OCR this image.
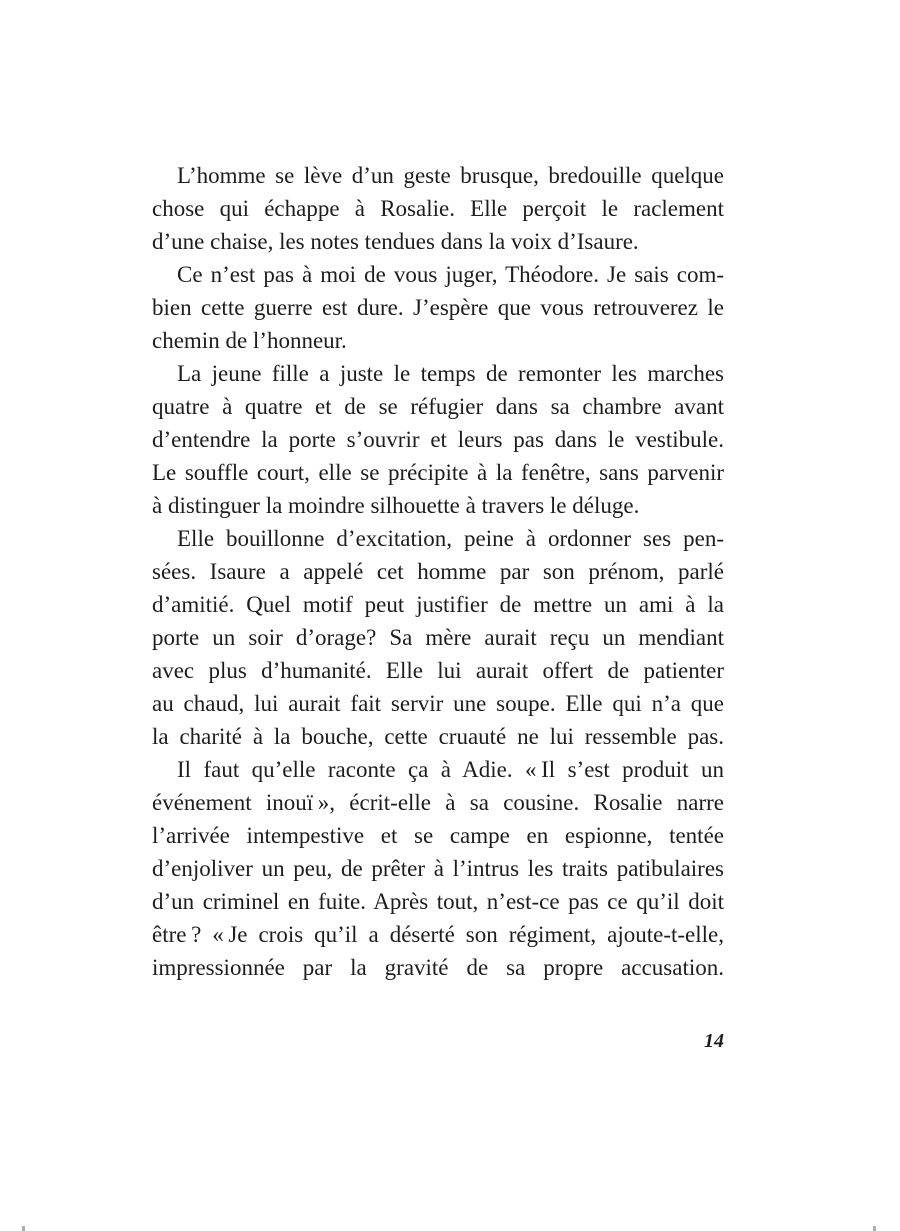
L’homme se lève d’un geste brusque, bredouille quelque
chose qui échappe à Rosalie. Elle perçoit le raclement
d’une chaise, les notes tendues dans la voix d’Isaure.

Ce n’est pas à moi de vous juger, Théodore. Je sais com-
bien cette guerre est dure. J’espère que vous retrouverez le
chemin de l’honneur.

La jeune fille a juste le temps de remonter les marches
quatre à quatre et de se réfugier dans sa chambre avant
d’entendre la porte s’ouvrir et leurs pas dans le vestibule.
Le souffle court, elle se précipite à la fenêtre, sans parvenir
à distinguer la moindre silhouette à travers le déluge.

Elle bouillonne d’excitation, peine à ordonner ses pen-
sées. Isaure a appelé cet homme par son prénom, parlé
d’amitié. Quel motif peut justifier de mettre un ami à la
porte un soir d’orage? Sa mère aurait reçu un mendiant
avec plus d’humanité. Elle lui aurait offert de patienter
au chaud, lui aurait fait servir une soupe. Elle qui n’a que
la charité à la bouche, cette cruauté ne lui ressemble pas.

Il faut qu’elle raconte ça à Adie. « Il s’est produit un
événement inouï », écrit-elle à sa cousine. Rosalie narre
l’arrivée intempestive et se campe en espionne, tentée
d’enjoliver un peu, de prêter à l’intrus les traits patibulaires
d’un criminel en fuite. Après tout, n’est-ce pas ce qu’il doit
être ? « Je crois qu’il a déserté son régiment, ajoute-t-elle,
impressionnée par la gravité de sa propre accusation.

14
